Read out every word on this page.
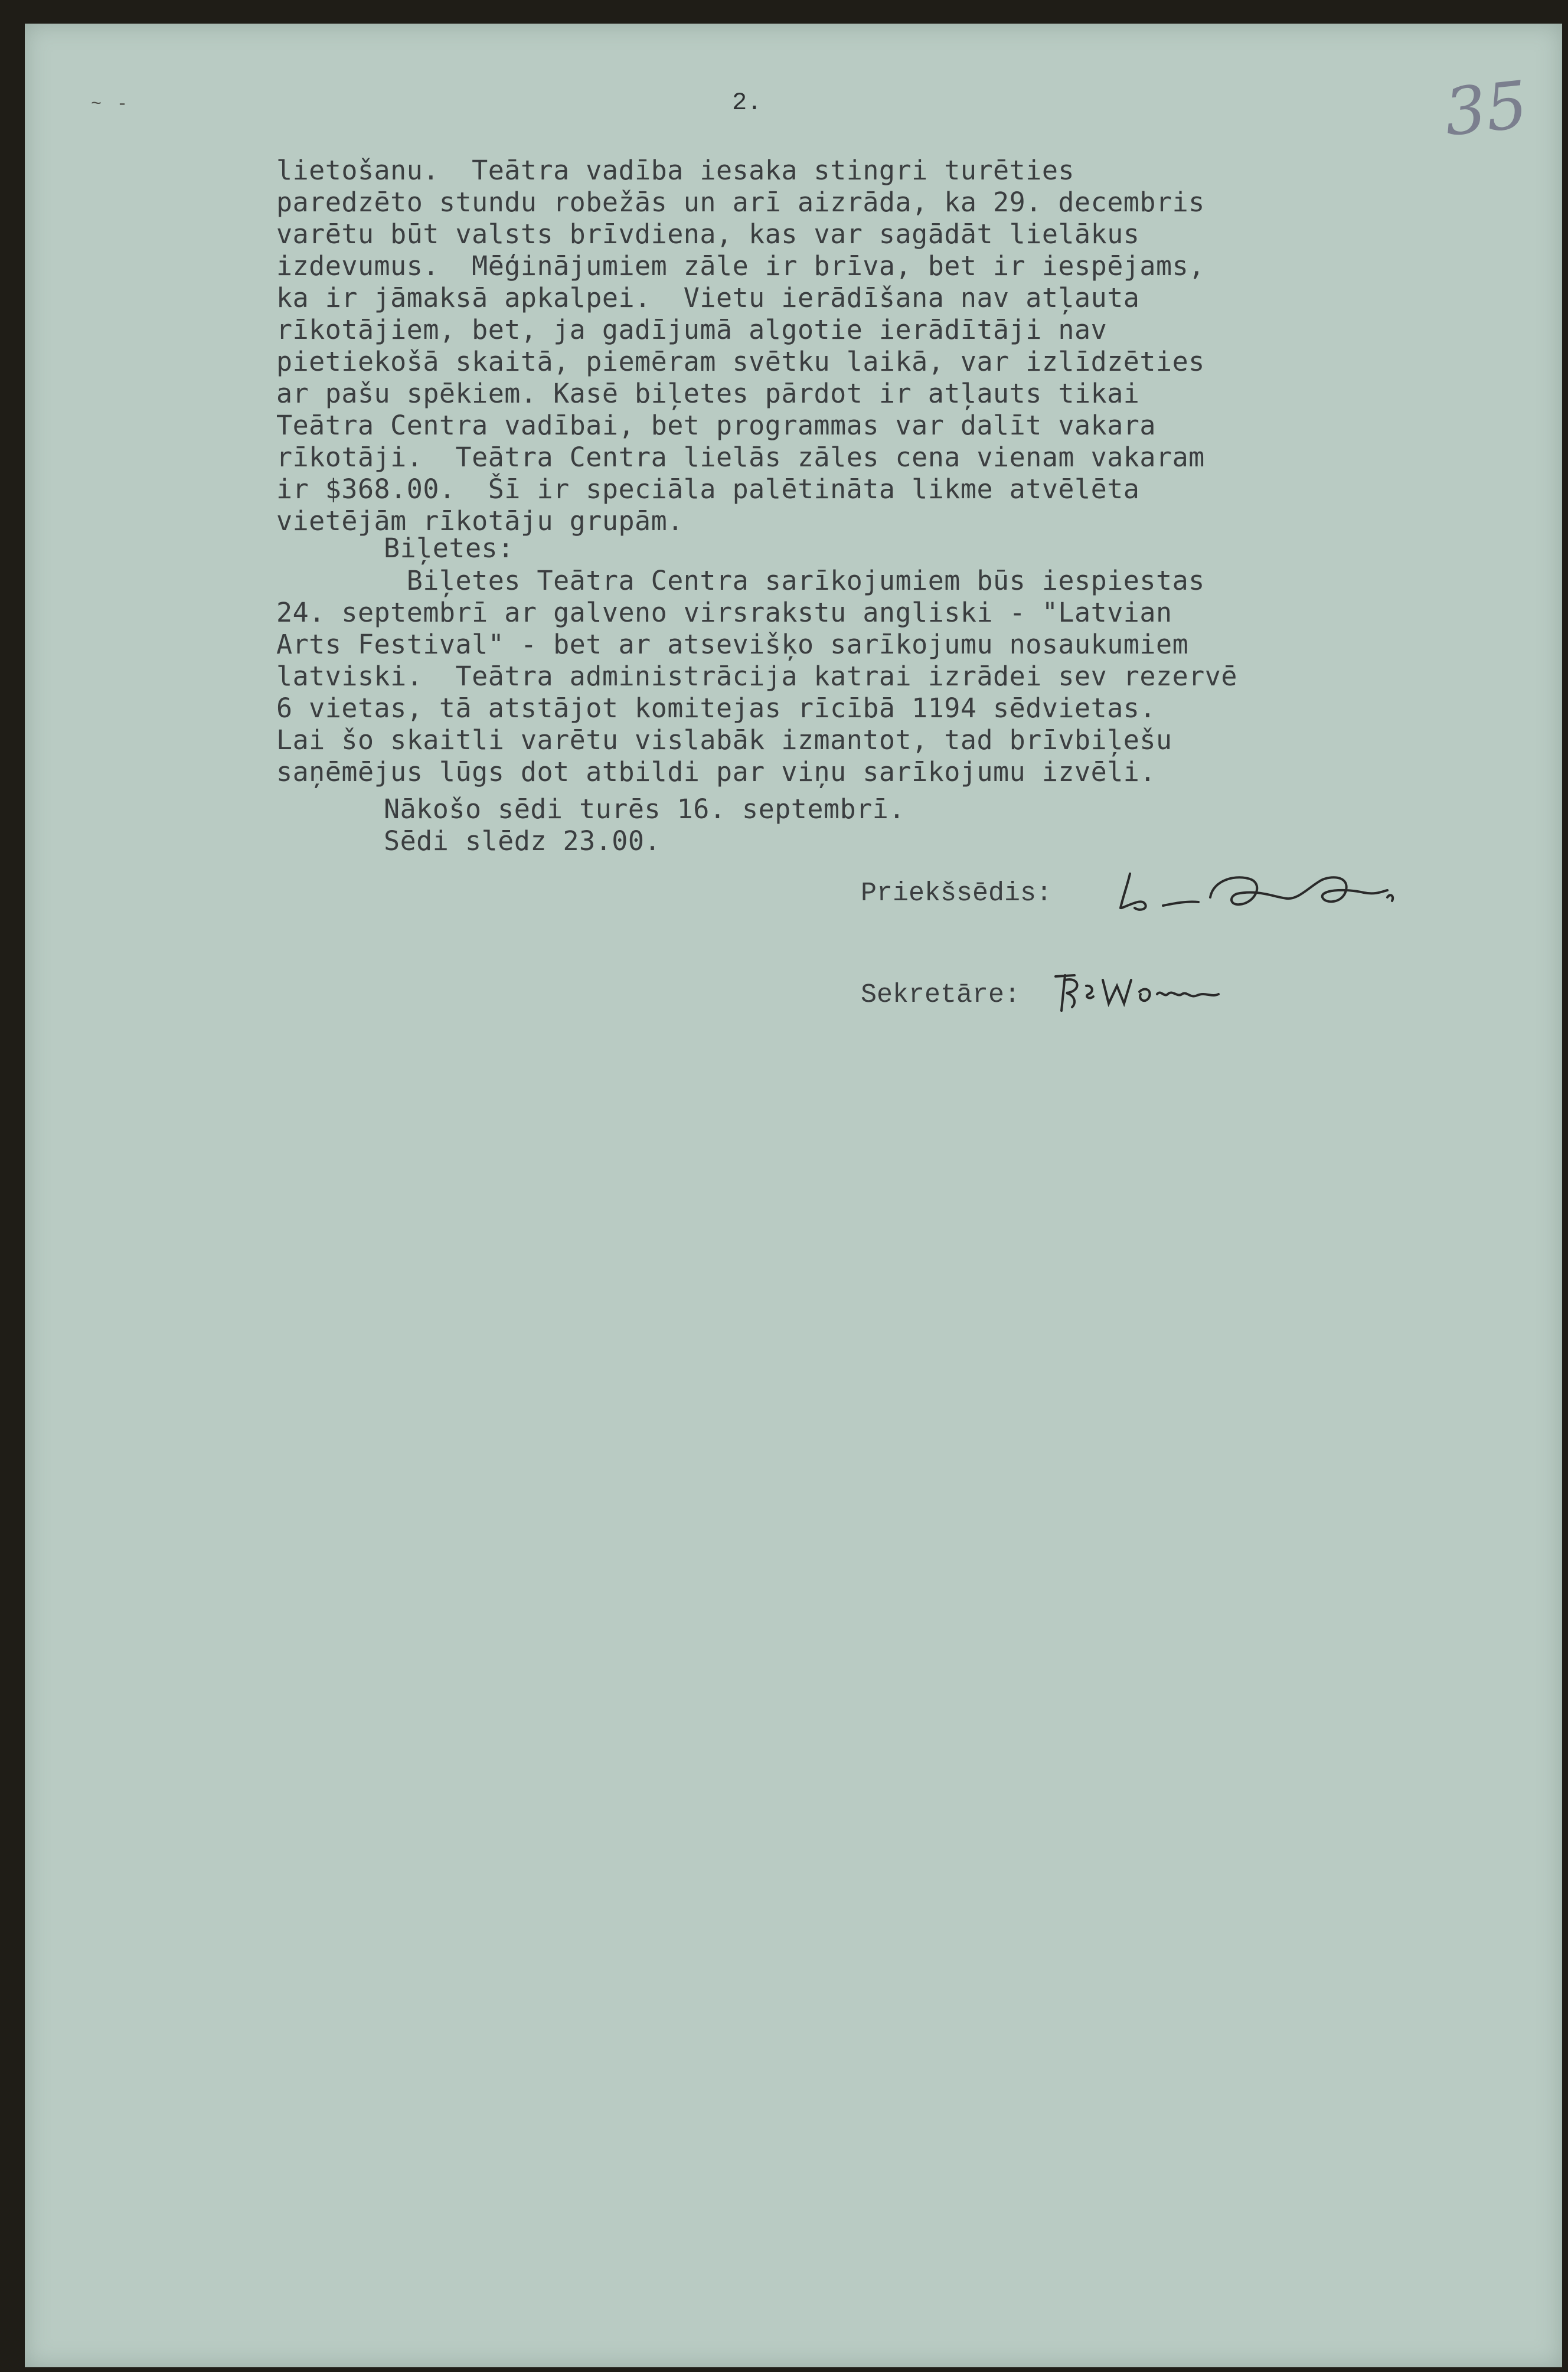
~ -	35
2.
lietošanu.  Teātra vadība iesaka stingri turēties
paredzēto stundu robežās un arī aizrāda, ka 29. decembris
varētu būt valsts brīvdiena, kas var sagādāt lielākus
izdevumus.  Mēģinājumiem zāle ir brīva, bet ir iespējams,
ka ir jāmaksā apkalpei.  Vietu ierādīšana nav atļauta
rīkotājiem, bet, ja gadījumā algotie ierādītāji nav
pietiekošā skaitā, piemēram svētku laikā, var izlīdzēties
ar pašu spēkiem. Kasē biļetes pārdot ir atļauts tikai
Teātra Centra vadībai, bet programmas var dalīt vakara
rīkotāji.  Teātra Centra lielās zāles cena vienam vakaram
ir $368.00.  Šī ir speciāla palētināta likme atvēlēta
vietējām rīkotāju grupām.
Biļetes:
Biļetes Teātra Centra sarīkojumiem būs iespiestas
24. septembrī ar galveno virsrakstu angliski - "Latvian
Arts Festival" - bet ar atsevišķo sarīkojumu nosaukumiem
latviski.  Teātra administrācija katrai izrādei sev rezervē
6 vietas, tā atstājot komitejas rīcībā 1194 sēdvietas.
Lai šo skaitli varētu vislabāk izmantot, tad brīvbiļešu
saņēmējus lūgs dot atbildi par viņu sarīkojumu izvēli.
Nākošo sēdi turēs 16. septembrī.
Sēdi slēdz 23.00.
Priekšsēdis:
Sekretāre:
